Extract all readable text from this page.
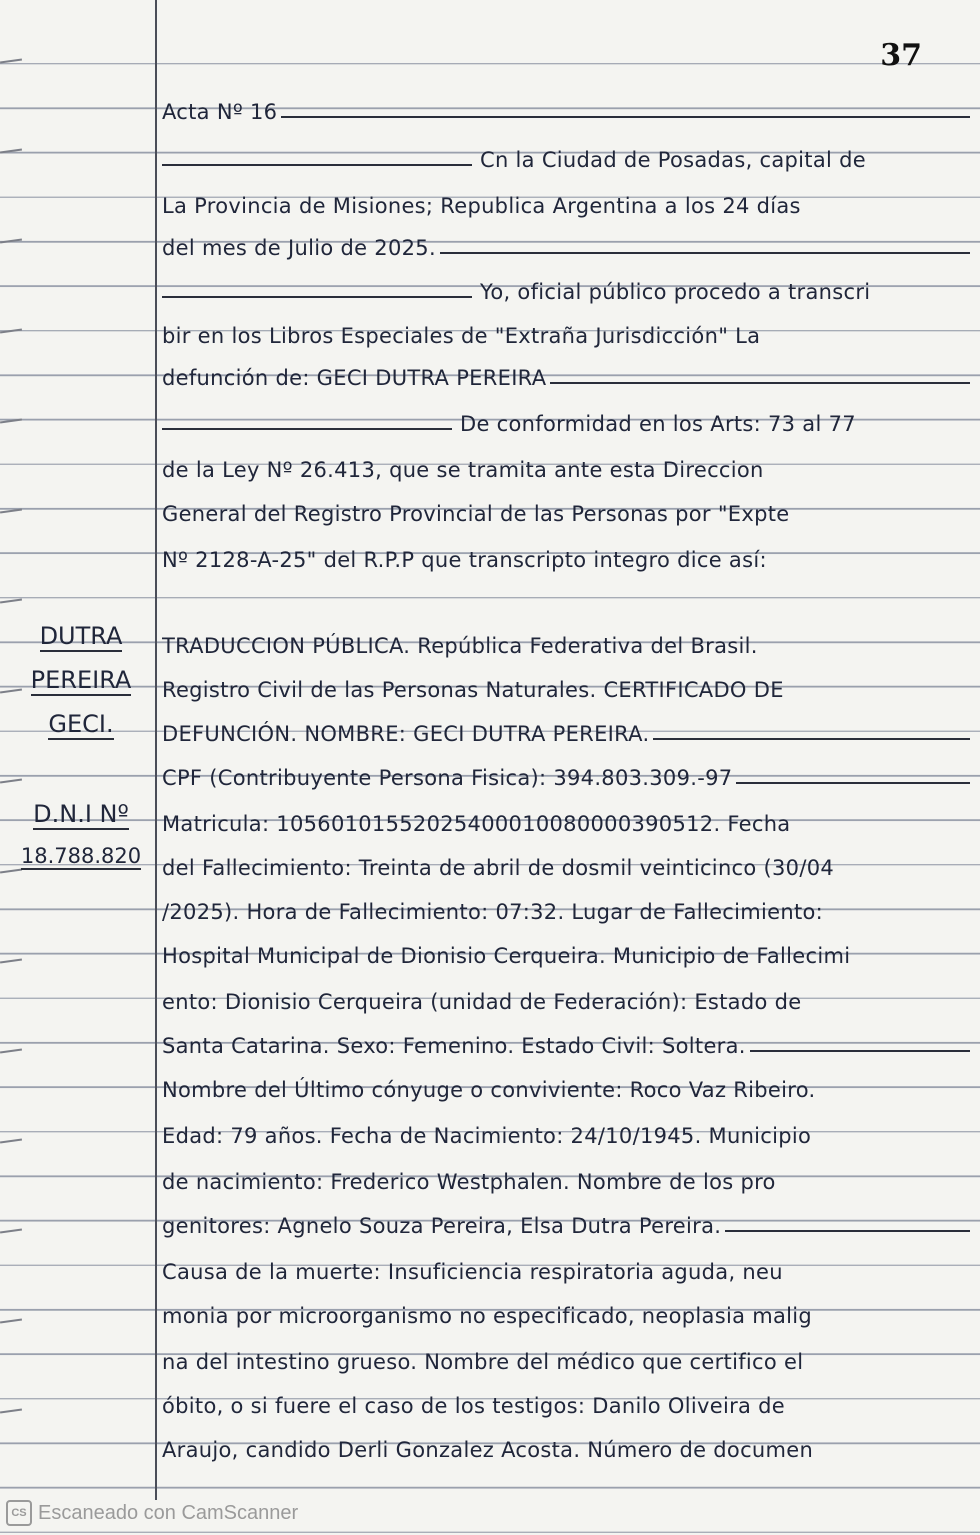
37
Acta Nº 16
Cn la Ciudad de Posadas, capital de
La Provincia de Misiones; Republica Argentina a los 24 días
del mes de Julio de 2025.
Yo, oficial público procedo a transcri
bir en los Libros Especiales de "Extraña Jurisdicción" La
defunción de: GECI DUTRA PEREIRA
De conformidad en los Arts: 73 al 77
de la Ley Nº 26.413, que se tramita ante esta Direccion
General del Registro Provincial de las Personas por "Expte
Nº 2128-A-25" del R.P.P que transcripto integro dice así:
DUTRA
PEREIRA
GECI.
D.N.I Nº
18.788.820
TRADUCCION PÚBLICA. República Federativa del Brasil.
Registro Civil de las Personas Naturales. CERTIFICADO DE
DEFUNCIÓN. NOMBRE: GECI DUTRA PEREIRA.
CPF (Contribuyente Persona Fisica): 394.803.309.-97
Matricula: 10560101552025400010080000390512. Fecha
del Fallecimiento: Treinta de abril de dosmil veinticinco (30/04
/2025). Hora de Fallecimiento: 07:32. Lugar de Fallecimiento:
Hospital Municipal de Dionisio Cerqueira. Municipio de Fallecimi
ento: Dionisio Cerqueira (unidad de Federación): Estado de
Santa Catarina. Sexo: Femenino. Estado Civil: Soltera.
Nombre del Último cónyuge o conviviente: Roco Vaz Ribeiro.
Edad: 79 años. Fecha de Nacimiento: 24/10/1945. Municipio
de nacimiento: Frederico Westphalen. Nombre de los pro
genitores: Agnelo Souza Pereira, Elsa Dutra Pereira.
Causa de la muerte: Insuficiencia respiratoria aguda, neu
monia por microorganismo no especificado, neoplasia malig
na del intestino grueso. Nombre del médico que certifico el
óbito, o si fuere el caso de los testigos: Danilo Oliveira de
Araujo, candido Derli Gonzalez Acosta. Número de documen
CS Escaneado con CamScanner
